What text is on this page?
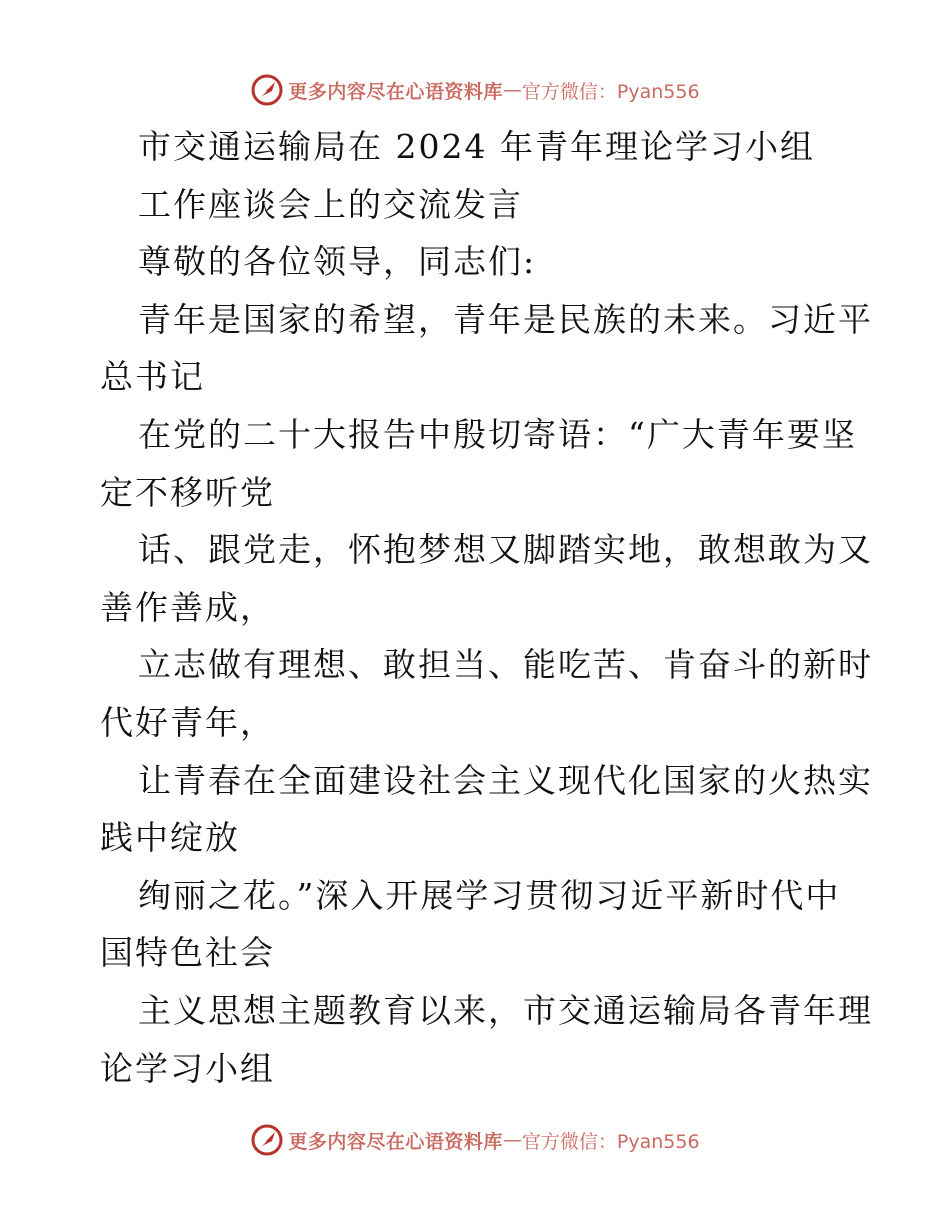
更多内容尽在心语资料库 — 官方微信：Pyan556
市交通运输局在 2024 年青年理论学习小组
工作座谈会上的交流发言
尊敬的各位领导，同志们:
青年是国家的希望，青年是民族的未来。习近平
总书记
在党的二十大报告中殷切寄语：“广大青年要坚
定不移听党
话、跟党走，怀抱梦想又脚踏实地，敢想敢为又
善作善成，
立志做有理想、敢担当、能吃苦、肯奋斗的新时
代好青年，
让青春在全面建设社会主义现代化国家的火热实
践中绽放
绚丽之花。”深入开展学习贯彻习近平新时代中
国特色社会
主义思想主题教育以来，市交通运输局各青年理
论学习小组
更多内容尽在心语资料库 — 官方微信：Pyan556
